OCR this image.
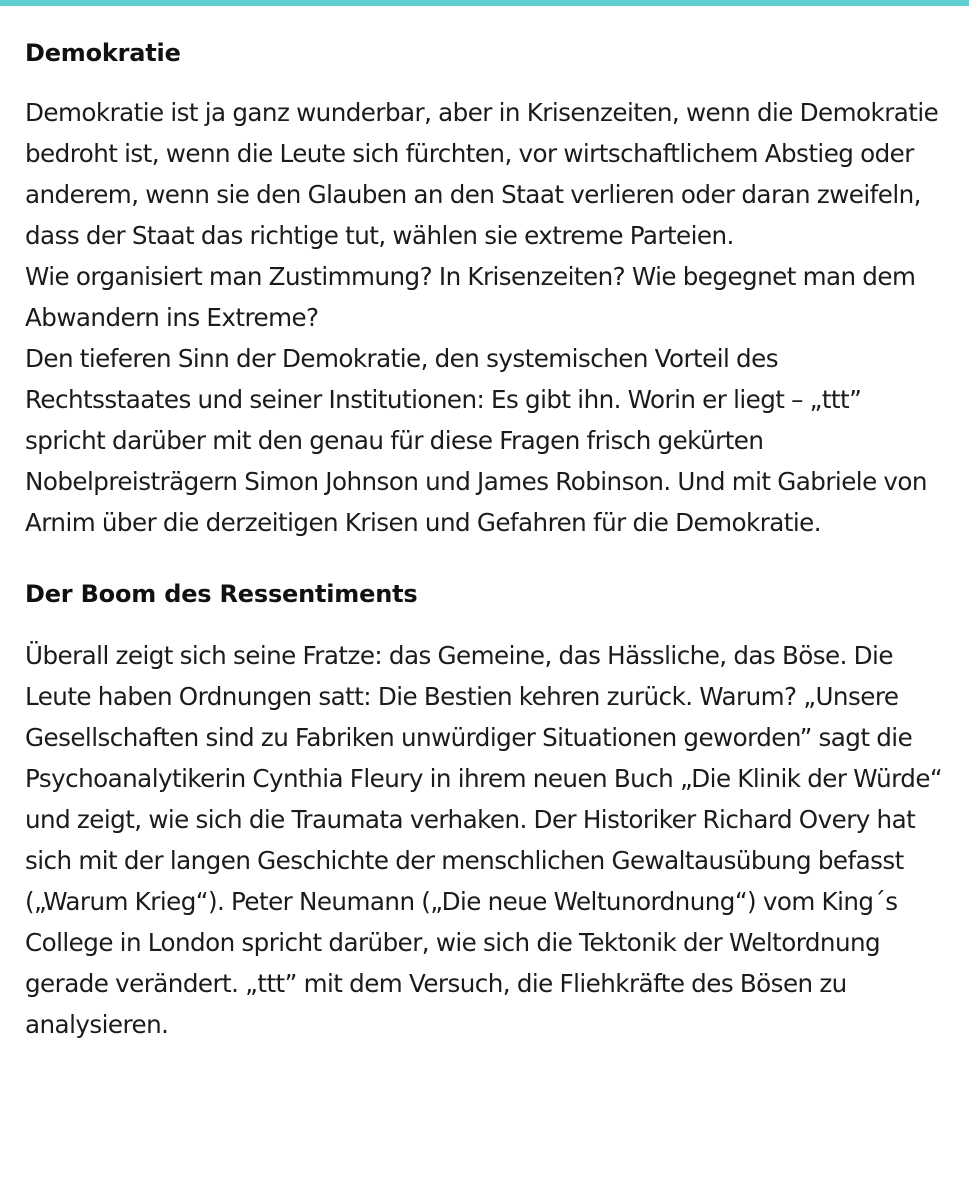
Demokratie

Demokratie ist ja ganz wunderbar, aber in Krisenzeiten, wenn die Demokratie bedroht ist, wenn die Leute sich fürchten, vor wirtschaftlichem Abstieg oder anderem, wenn sie den Glauben an den Staat verlieren oder daran zweifeln, dass der Staat das richtige tut, wählen sie extreme Parteien.

Wie organisiert man Zustimmung? In Krisenzeiten? Wie begegnet man dem Abwandern ins Extreme?

Den tieferen Sinn der Demokratie, den systemischen Vorteil des Rechtsstaates und seiner Institutionen: Es gibt ihn. Worin er liegt – „ttt” spricht darüber mit den genau für diese Fragen frisch gekürten Nobelpreisträgern Simon Johnson und James Robinson. Und mit Gabriele von Arnim über die derzeitigen Krisen und Gefahren für die Demokratie.

Der Boom des Ressentiments

Überall zeigt sich seine Fratze: das Gemeine, das Hässliche, das Böse. Die Leute haben Ordnungen satt: Die Bestien kehren zurück. Warum? „Unsere Gesellschaften sind zu Fabriken unwürdiger Situationen geworden” sagt die Psychoanalytikerin Cynthia Fleury in ihrem neuen Buch „Die Klinik der Würde“ und zeigt, wie sich die Traumata verhaken. Der Historiker Richard Overy hat sich mit der langen Geschichte der menschlichen Gewaltausübung befasst („Warum Krieg“). Peter Neumann („Die neue Weltunordnung“) vom King´s College in London spricht darüber, wie sich die Tektonik der Weltordnung gerade verändert. „ttt” mit dem Versuch, die Fliehkräfte des Bösen zu analysieren.
